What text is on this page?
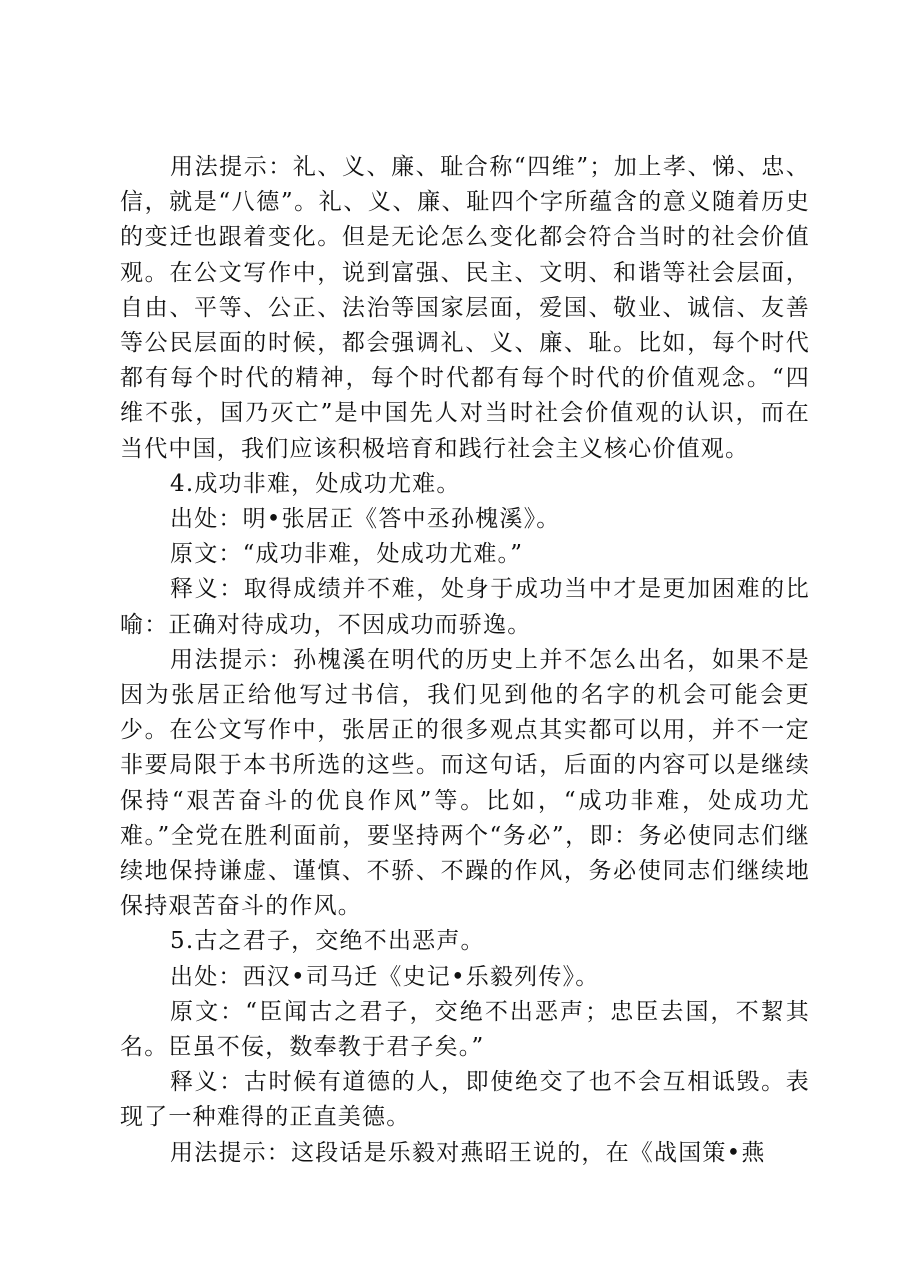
用法提示：礼、义、廉、耻合称“四维”；加上孝、悌、忠、信，就是“八德”。礼、义、廉、耻四个字所蕴含的意义随着历史的变迁也跟着变化。但是无论怎么变化都会符合当时的社会价值观。在公文写作中，说到富强、民主、文明、和谐等社会层面，自由、平等、公正、法治等国家层面，爱国、敬业、诚信、友善等公民层面的时候，都会强调礼、义、廉、耻。比如，每个时代都有每个时代的精神，每个时代都有每个时代的价值观念。“四维不张，国乃灭亡”是中国先人对当时社会价值观的认识，而在当代中国，我们应该积极培育和践行社会主义核心价值观。

4.成功非难，处成功尤难。

出处：明•张居正《答中丞孙槐溪》。

原文：“成功非难，处成功尤难。”

释义：取得成绩并不难，处身于成功当中才是更加困难的比喻：正确对待成功，不因成功而骄逸。

用法提示：孙槐溪在明代的历史上并不怎么出名，如果不是因为张居正给他写过书信，我们见到他的名字的机会可能会更少。在公文写作中，张居正的很多观点其实都可以用，并不一定非要局限于本书所选的这些。而这句话，后面的内容可以是继续保持“艰苦奋斗的优良作风”等。比如，“成功非难，处成功尤难。”全党在胜利面前，要坚持两个“务必”，即：务必使同志们继续地保持谦虚、谨慎、不骄、不躁的作风，务必使同志们继续地保持艰苦奋斗的作风。

5.古之君子，交绝不出恶声。

出处：西汉•司马迁《史记•乐毅列传》。

原文：“臣闻古之君子，交绝不出恶声；忠臣去国，不絜其名。臣虽不佞，数奉教于君子矣。”

释义：古时候有道德的人，即使绝交了也不会互相诋毁。表现了一种难得的正直美德。

用法提示：这段话是乐毅对燕昭王说的，在《战国策•燕
